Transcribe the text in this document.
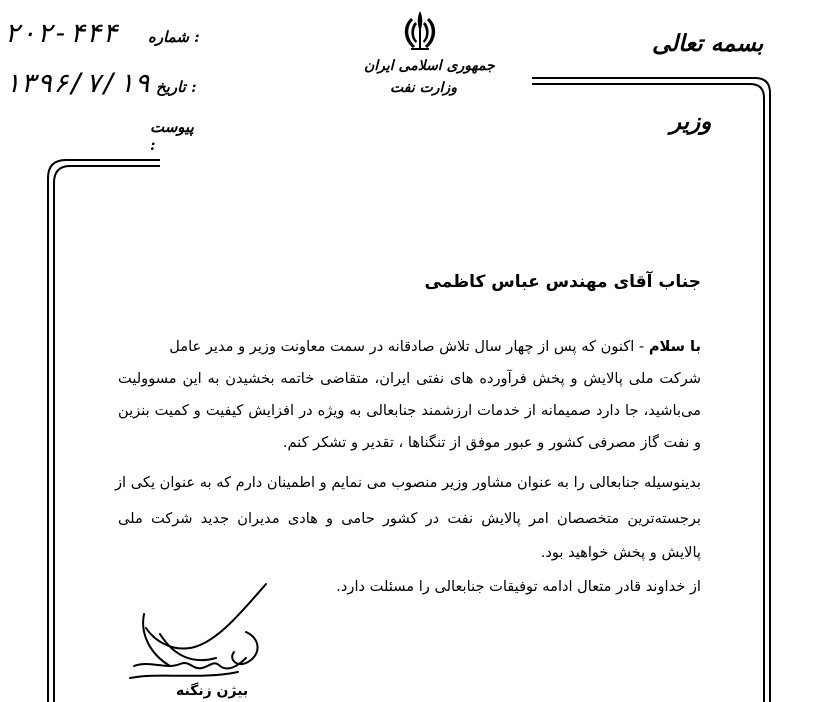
۲۰۲-۴۴۴ شماره :
۱۳۹۶/۷/۱۹ تاریخ :
پیوست :
جمهوری اسلامی ایران
وزارت نفت
بسمه تعالی
وزیر
جناب آقای مهندس عباس کاظمی
با سلام - اکنون که پس از چهار سال تلاش صادقانه در سمت معاونت وزیر و مدیر عامل
شرکت ملی پالایش و پخش فرآورده های نفتی ایران، متقاضی خاتمه بخشیدن به این مسوولیت
می‌باشید، جا دارد صمیمانه از خدمات ارزشمند جنابعالی به ویژه در افزایش کیفیت و کمیت بنزین
و نفت گاز مصرفی کشور و عبور موفق از تنگناها ، تقدیر و تشکر کنم.
بدینوسیله جنابعالی را به عنوان مشاور وزیر منصوب می نمایم و اطمینان دارم که به عنوان یکی از
برجسته‌ترین متخصصان امر پالایش نفت در کشور حامی و هادی مدیران جدید شرکت ملی
پالایش و پخش خواهید بود.
از خداوند قادر متعال ادامه توفیقات جنابعالی را مسئلت دارد.
بیژن زنگنه
